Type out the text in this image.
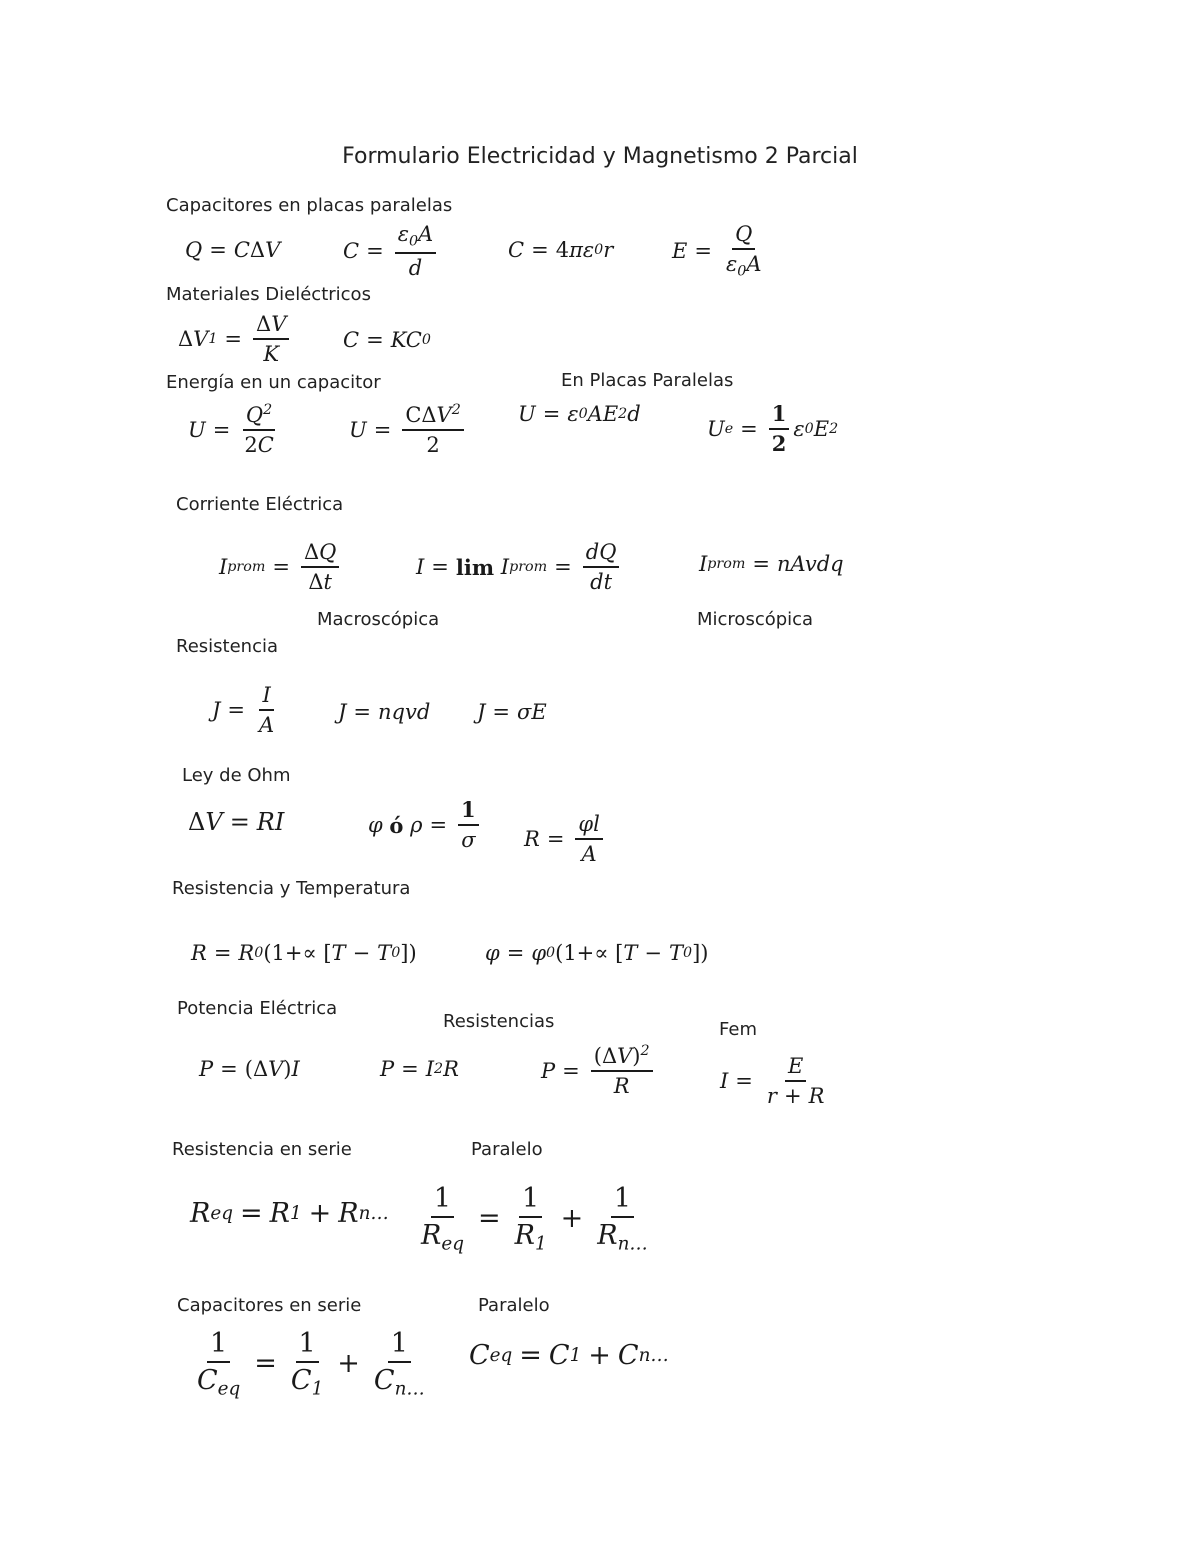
Formulario Electricidad y Magnetismo 2 Parcial
Capacitores en placas paralelas
Q = C Δ V	$C = \frac{\varepsilon_0A}{d}$	C = 4 πε 0 r	$E = \frac{Q}{\varepsilon_0A}$
Materiales Dieléctricos
Δ V $1 = \frac{\Delta V}{K}$	C = KC 0
Energía en un capacitor	En Placas Paralelas
$U = \frac{Q^2}{2C}$	$U = \frac{C\Delta V^2}{2}$	U = ε 0 AE 2 d
U $e = \frac{1}{2}$ ε 0 E 2
Corriente Eléctrica
I prom = $\frac{\Delta Q}{\Delta t}$	I = lim I prom = $\frac{dQ}{dt}$	I prom = nAvdq
Macroscópica	Microscópica
Resistencia
$J = \frac{I}{A}$	J = nqvd J = σE
Ley de Ohm
Δ V = RI	φ ó $\rho = \frac{1}{\sigma}$ $R = \frac{\varphi l}{A}$
Resistencia y Temperatura
R = R 0 (1+∝ [ T − T 0 ])	φ = φ 0 (1+∝ [ T − T 0 ])
Potencia Eléctrica
Resistencias	Fem
P = (Δ V ) I	P = I 2 R	$P = \frac{(\Delta V)^2}{R}$	$I = \frac{E}{r + R}$
Resistencia en serie	Paralelo
R eq = R 1 + R n… $\frac{1}{R_{eq}} = \frac{1}{R_1} + \frac{1}{R_{n\dots}}$
Capacitores en serie	Paralelo
$\frac{1}{C_{eq}} = \frac{1}{C_1} + \frac{1}{C_{n\dots}}$ C eq = C 1 + C n…
